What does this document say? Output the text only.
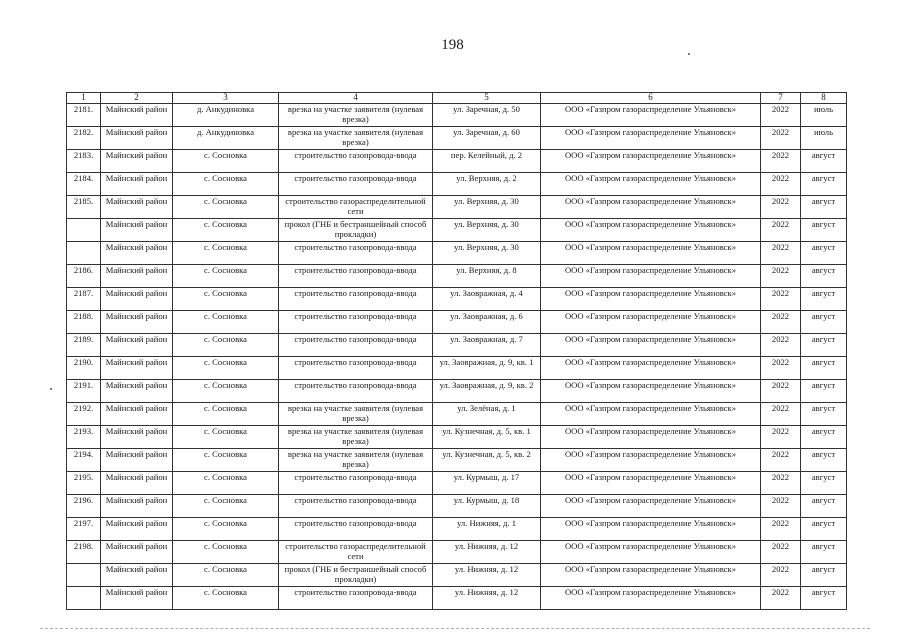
198
1	2	3	4	5	6	7	8
2181.	Майнский район	д. Анкудиновка	врезка на участке заявителя (нулевая врезка)	ул. Заречная, д. 50	ООО «Газпром газораспределение Ульяновск»	2022	июль
2182.	Майнский район	д. Анкудиновка	врезка на участке заявителя (нулевая врезка)	ул. Заречная, д. 60	ООО «Газпром газораспределение Ульяновск»	2022	июль
2183.	Майнский район	с. Сосновка	строительство газопровода-ввода	пер. Келейный, д. 2	ООО «Газпром газораспределение Ульяновск»	2022	август
2184.	Майнский район	с. Сосновка	строительство газопровода-ввода	ул. Верхняя, д. 2	ООО «Газпром газораспределение Ульяновск»	2022	август
2185.	Майнский район	с. Сосновка	строительство газораспределительной сети	ул. Верхняя, д. 30	ООО «Газпром газораспределение Ульяновск»	2022	август
	Майнский район	с. Сосновка	прокол (ГНБ и бестраншейный способ прокладки)	ул. Верхняя, д. 30	ООО «Газпром газораспределение Ульяновск»	2022	август
	Майнский район	с. Сосновка	строительство газопровода-ввода	ул. Верхняя, д. 30	ООО «Газпром газораспределение Ульяновск»	2022	август
2186.	Майнский район	с. Сосновка	строительство газопровода-ввода	ул. Верхняя, д. 8	ООО «Газпром газораспределение Ульяновск»	2022	август
2187.	Майнский район	с. Сосновка	строительство газопровода-ввода	ул. Заовражная, д. 4	ООО «Газпром газораспределение Ульяновск»	2022	август
2188.	Майнский район	с. Сосновка	строительство газопровода-ввода	ул. Заовражная, д. 6	ООО «Газпром газораспределение Ульяновск»	2022	август
2189.	Майнский район	с. Сосновка	строительство газопровода-ввода	ул. Заовражная, д. 7	ООО «Газпром газораспределение Ульяновск»	2022	август
2190.	Майнский район	с. Сосновка	строительство газопровода-ввода	ул. Заовражная, д. 9, кв. 1	ООО «Газпром газораспределение Ульяновск»	2022	август
2191.	Майнский район	с. Сосновка	строительство газопровода-ввода	ул. Заовражная, д. 9, кв. 2	ООО «Газпром газораспределение Ульяновск»	2022	август
2192.	Майнский район	с. Сосновка	врезка на участке заявителя (нулевая врезка)	ул. Зелёная, д. 1	ООО «Газпром газораспределение Ульяновск»	2022	август
2193.	Майнский район	с. Сосновка	врезка на участке заявителя (нулевая врезка)	ул. Кузнечная, д. 5, кв. 1	ООО «Газпром газораспределение Ульяновск»	2022	август
2194.	Майнский район	с. Сосновка	врезка на участке заявителя (нулевая врезка)	ул. Кузнечная, д. 5, кв. 2	ООО «Газпром газораспределение Ульяновск»	2022	август
2195.	Майнский район	с. Сосновка	строительство газопровода-ввода	ул. Курмыш, д. 17	ООО «Газпром газораспределение Ульяновск»	2022	август
2196.	Майнский район	с. Сосновка	строительство газопровода-ввода	ул. Курмыш, д. 18	ООО «Газпром газораспределение Ульяновск»	2022	август
2197.	Майнский район	с. Сосновка	строительство газопровода-ввода	ул. Нижняя, д. 1	ООО «Газпром газораспределение Ульяновск»	2022	август
2198.	Майнский район	с. Сосновка	строительство газораспределительной сети	ул. Нижняя, д. 12	ООО «Газпром газораспределение Ульяновск»	2022	август
	Майнский район	с. Сосновка	прокол (ГНБ и бестраншейный способ прокладки)	ул. Нижняя, д. 12	ООО «Газпром газораспределение Ульяновск»	2022	август
	Майнский район	с. Сосновка	строительство газопровода-ввода	ул. Нижняя, д. 12	ООО «Газпром газораспределение Ульяновск»	2022	август
